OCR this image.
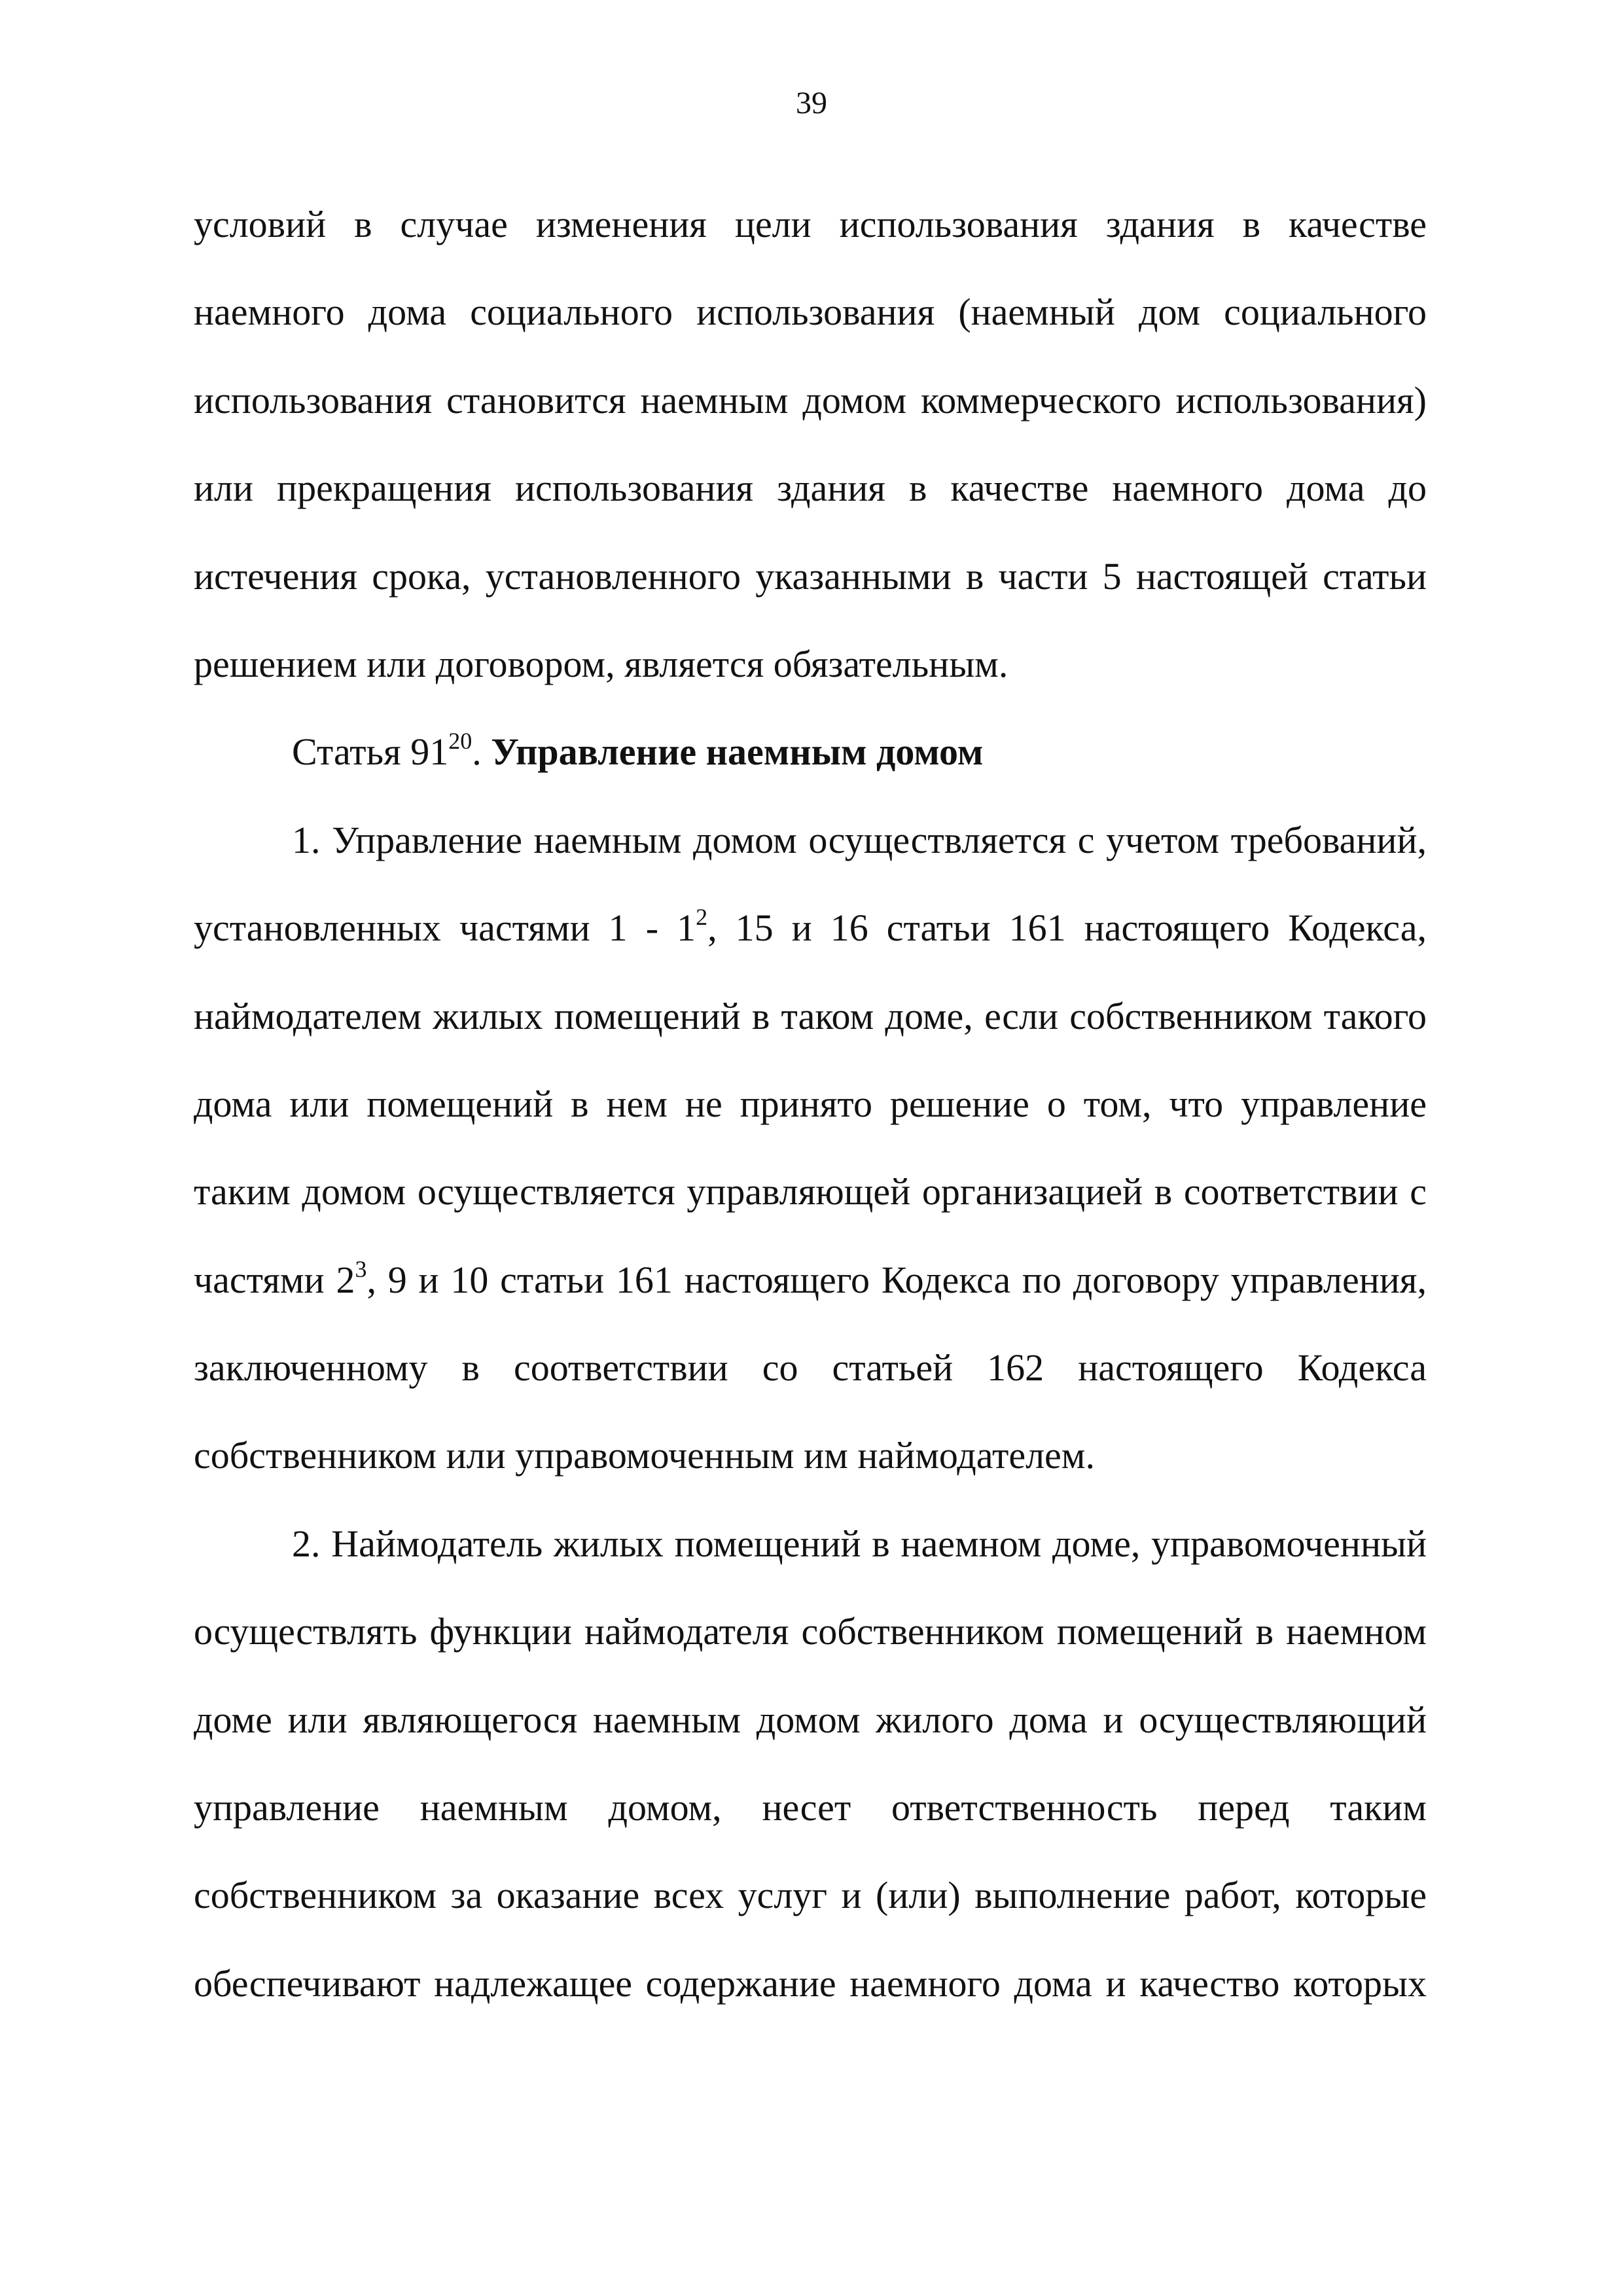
39
условий в случае изменения цели использования здания в качестве
наемного дома социального использования (наемный дом социального
использования становится наемным домом коммерческого использования)
или прекращения использования здания в качестве наемного дома до
истечения срока, установленного указанными в части 5 настоящей статьи
решением или договором, является обязательным.
Статья $91^{20}$. Управление наемным домом
1. Управление наемным домом осуществляется с учетом требований,
установленных частями $1 - 1^2$, 15 и 16 статьи 161 настоящего Кодекса,
наймодателем жилых помещений в таком доме, если собственником такого
дома или помещений в нем не принято решение о том, что управление
таким домом осуществляется управляющей организацией в соответствии с
частями $2^3$, 9 и 10 статьи 161 настоящего Кодекса по договору управления,
заключенному в соответствии со статьей 162 настоящего Кодекса
собственником или управомоченным им наймодателем.
2. Наймодатель жилых помещений в наемном доме, управомоченный
осуществлять функции наймодателя собственником помещений в наемном
доме или являющегося наемным домом жилого дома и осуществляющий
управление наемным домом, несет ответственность перед таким
собственником за оказание всех услуг и (или) выполнение работ, которые
обеспечивают надлежащее содержание наемного дома и качество которых
